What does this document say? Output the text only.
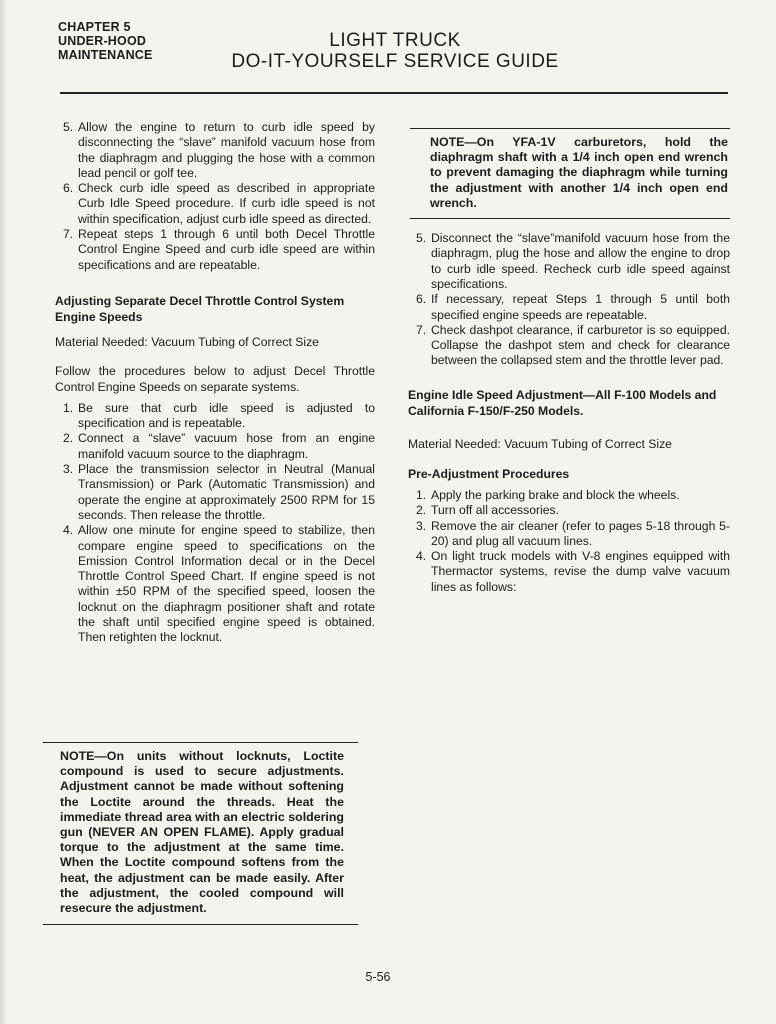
CHAPTER 5
UNDER-HOOD
MAINTENANCE
LIGHT TRUCK
DO-IT-YOURSELF SERVICE GUIDE
5. Allow the engine to return to curb idle speed by disconnecting the “slave” manifold vacuum hose from the diaphragm and plugging the hose with a common lead pencil or golf tee.
6. Check curb idle speed as described in appropriate Curb Idle Speed procedure. If curb idle speed is not within specification, adjust curb idle speed as directed.
7. Repeat steps 1 through 6 until both Decel Throttle Control Engine Speed and curb idle speed are within specifications and are repeatable.
Adjusting Separate Decel Throttle Control System Engine Speeds
Material Needed: Vacuum Tubing of Correct Size
Follow the procedures below to adjust Decel Throttle Control Engine Speeds on separate systems.
1. Be sure that curb idle speed is adjusted to specification and is repeatable.
2. Connect a “slave” vacuum hose from an engine manifold vacuum source to the diaphragm.
3. Place the transmission selector in Neutral (Manual Transmission) or Park (Automatic Transmission) and operate the engine at approximately 2500 RPM for 15 seconds. Then release the throttle.
4. Allow one minute for engine speed to stabilize, then compare engine speed to specifications on the Emission Control Information decal or in the Decel Throttle Control Speed Chart. If engine speed is not within ±50 RPM of the specified speed, loosen the locknut on the diaphragm positioner shaft and rotate the shaft until specified engine speed is obtained. Then retighten the locknut.
NOTE—On units without locknuts, Loctite compound is used to secure adjustments. Adjustment cannot be made without softening the Loctite around the threads. Heat the immediate thread area with an electric soldering gun (NEVER AN OPEN FLAME). Apply gradual torque to the adjustment at the same time. When the Loctite compound softens from the heat, the adjustment can be made easily. After the adjustment, the cooled compound will resecure the adjustment.
NOTE—On YFA-1V carburetors, hold the diaphragm shaft with a 1/4 inch open end wrench to prevent damaging the diaphragm while turning the adjustment with another 1/4 inch open end wrench.
5. Disconnect the “slave”manifold vacuum hose from the diaphragm, plug the hose and allow the engine to drop to curb idle speed. Recheck curb idle speed against specifications.
6. If necessary, repeat Steps 1 through 5 until both specified engine speeds are repeatable.
7. Check dashpot clearance, if carburetor is so equipped. Collapse the dashpot stem and check for clearance between the collapsed stem and the throttle lever pad.
Engine Idle Speed Adjustment—All F-100 Models and California F-150/F-250 Models.
Material Needed: Vacuum Tubing of Correct Size
Pre-Adjustment Procedures
1. Apply the parking brake and block the wheels.
2. Turn off all accessories.
3. Remove the air cleaner (refer to pages 5-18 through 5-20) and plug all vacuum lines.
4. On light truck models with V-8 engines equipped with Thermactor systems, revise the dump valve vacuum lines as follows:
5-56
